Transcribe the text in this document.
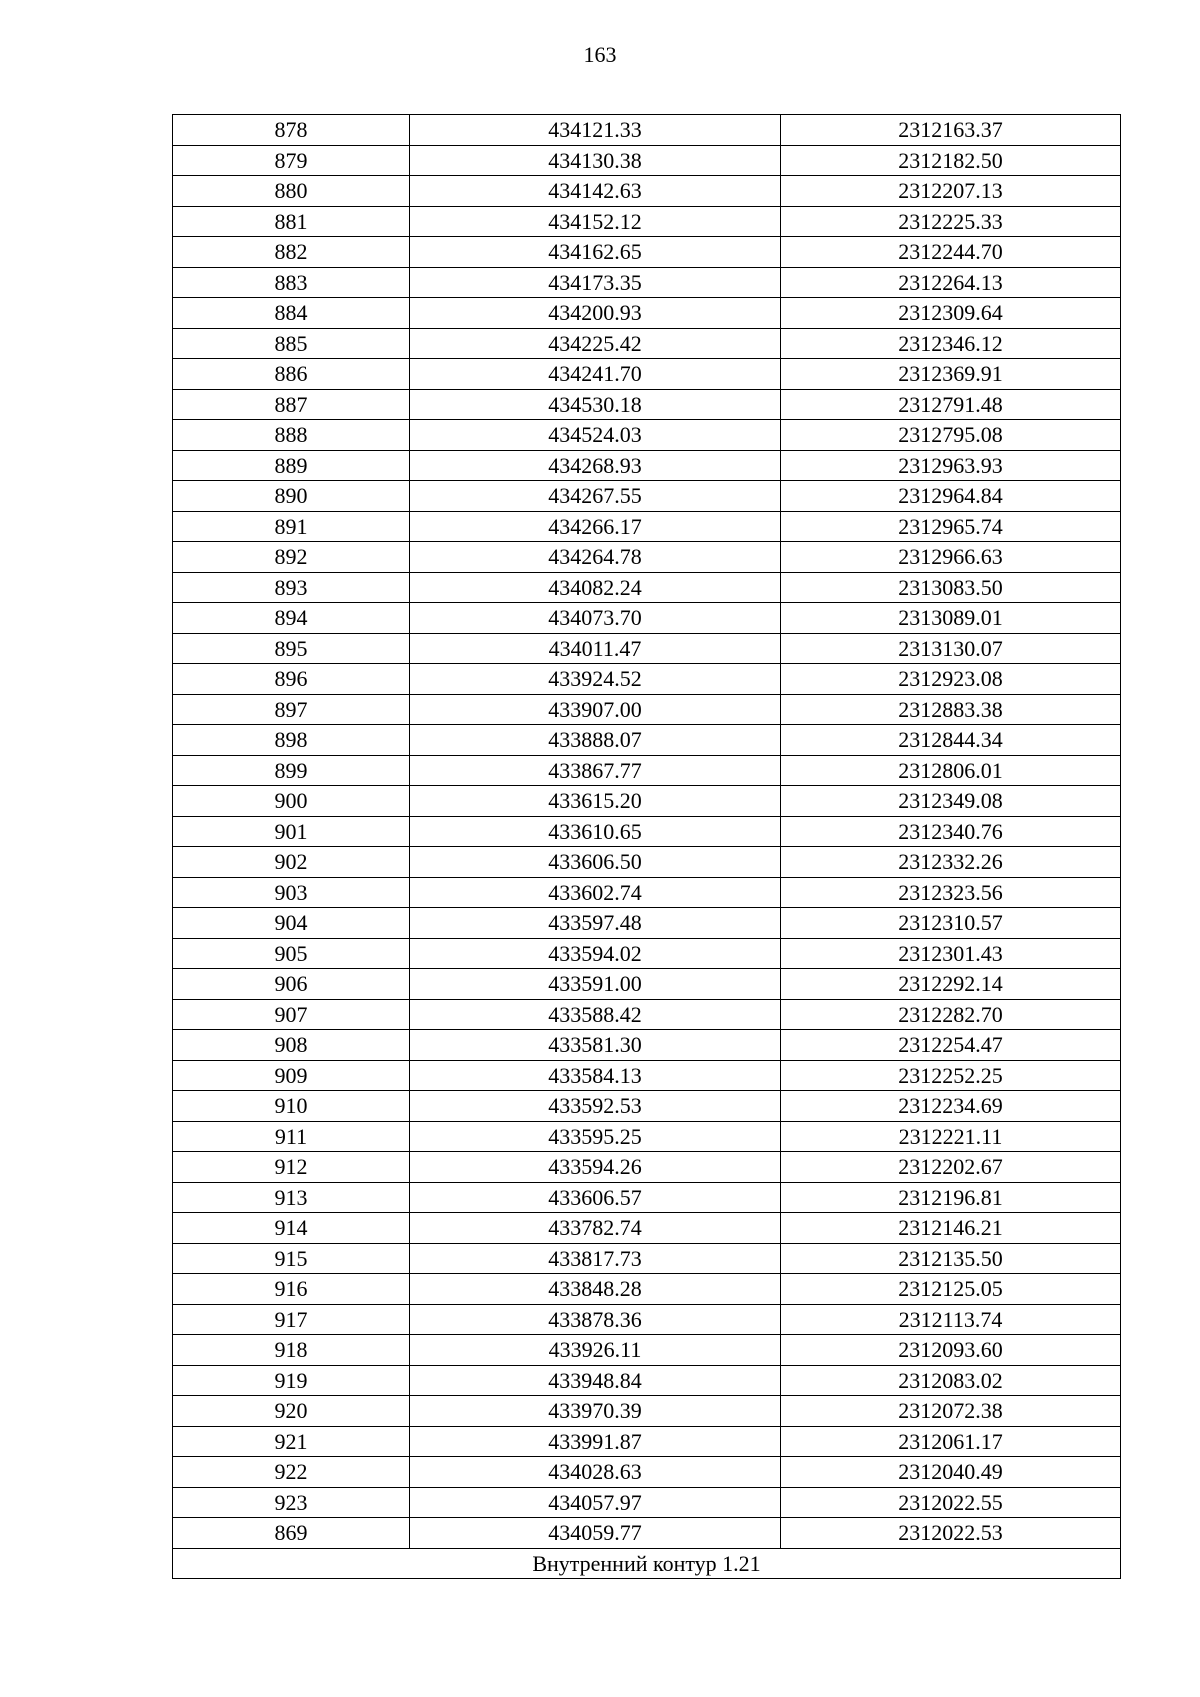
163
878	434121.33	2312163.37
879	434130.38	2312182.50
880	434142.63	2312207.13
881	434152.12	2312225.33
882	434162.65	2312244.70
883	434173.35	2312264.13
884	434200.93	2312309.64
885	434225.42	2312346.12
886	434241.70	2312369.91
887	434530.18	2312791.48
888	434524.03	2312795.08
889	434268.93	2312963.93
890	434267.55	2312964.84
891	434266.17	2312965.74
892	434264.78	2312966.63
893	434082.24	2313083.50
894	434073.70	2313089.01
895	434011.47	2313130.07
896	433924.52	2312923.08
897	433907.00	2312883.38
898	433888.07	2312844.34
899	433867.77	2312806.01
900	433615.20	2312349.08
901	433610.65	2312340.76
902	433606.50	2312332.26
903	433602.74	2312323.56
904	433597.48	2312310.57
905	433594.02	2312301.43
906	433591.00	2312292.14
907	433588.42	2312282.70
908	433581.30	2312254.47
909	433584.13	2312252.25
910	433592.53	2312234.69
911	433595.25	2312221.11
912	433594.26	2312202.67
913	433606.57	2312196.81
914	433782.74	2312146.21
915	433817.73	2312135.50
916	433848.28	2312125.05
917	433878.36	2312113.74
918	433926.11	2312093.60
919	433948.84	2312083.02
920	433970.39	2312072.38
921	433991.87	2312061.17
922	434028.63	2312040.49
923	434057.97	2312022.55
869	434059.77	2312022.53
Внутренний контур 1.21		
